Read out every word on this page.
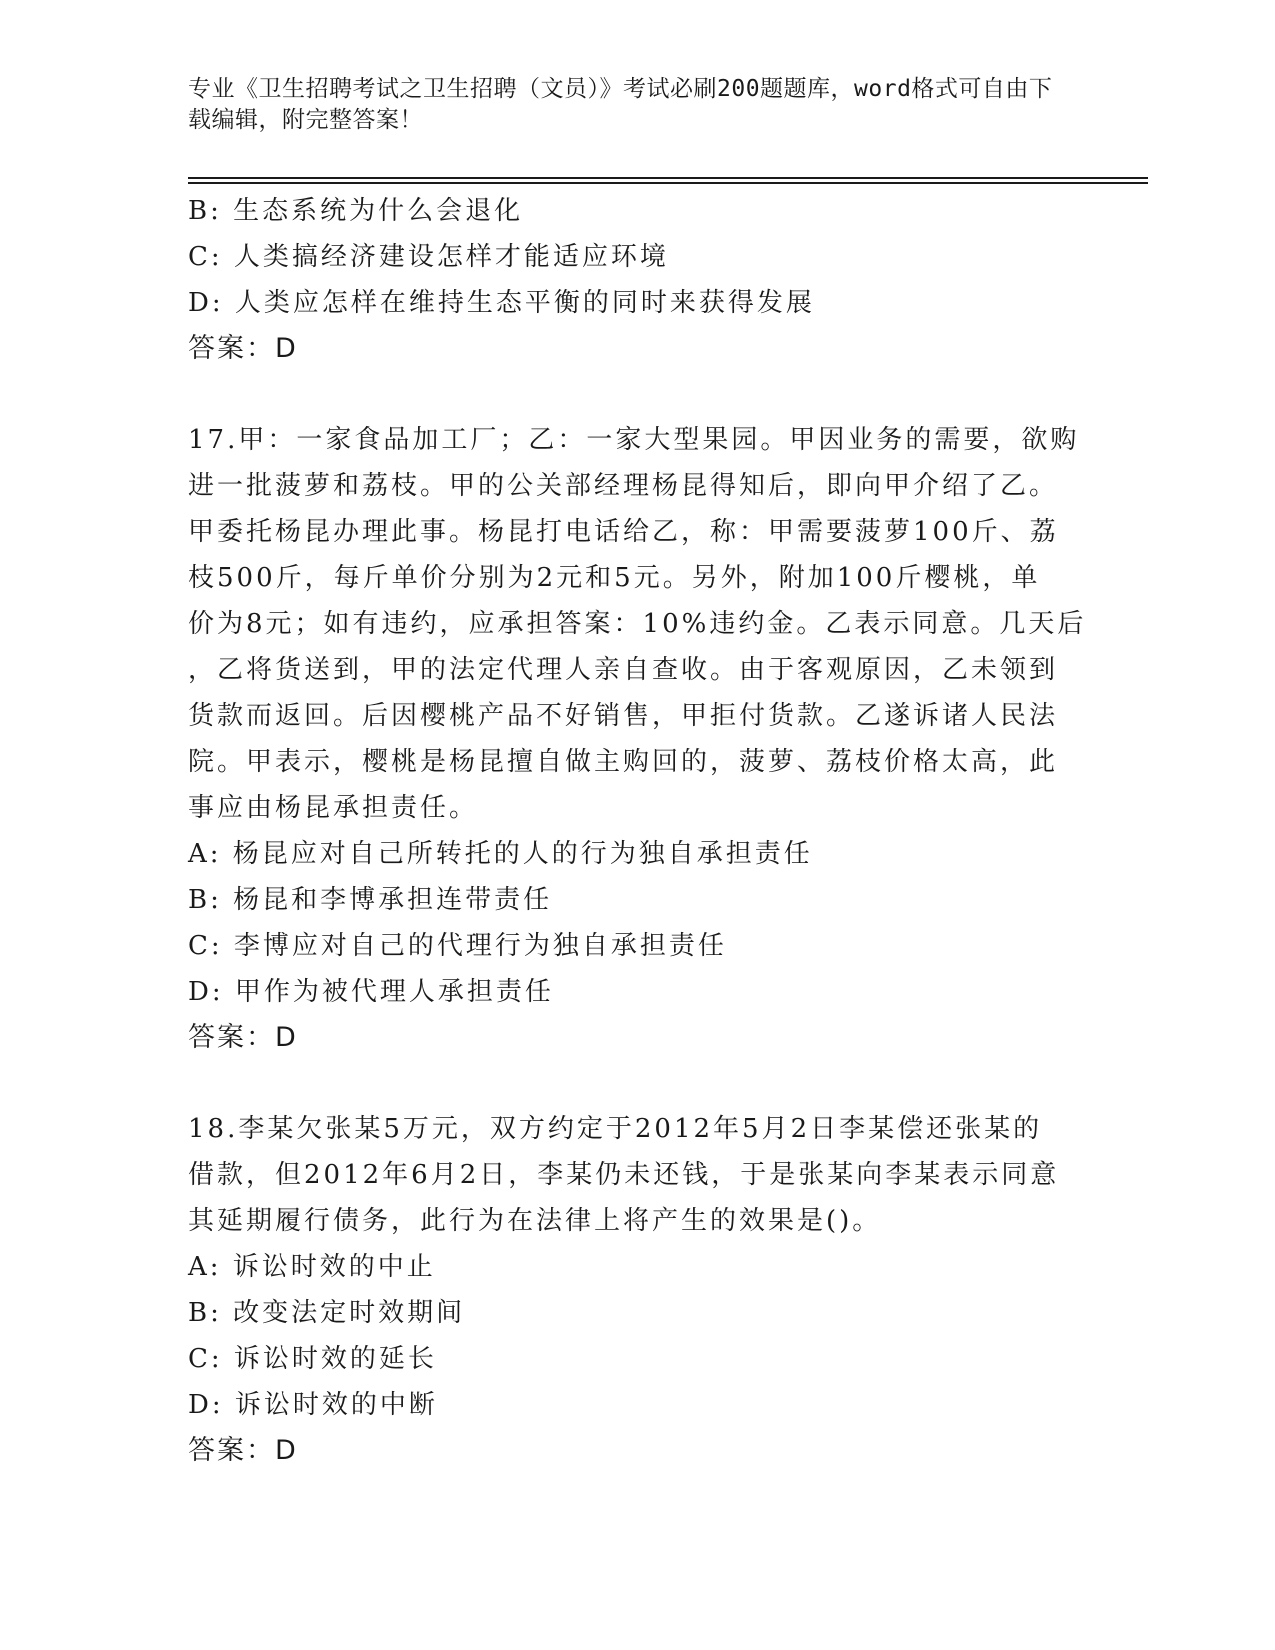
专业《卫生招聘考试之卫生招聘（文员）》考试必刷200题题库，word格式可自由下载编辑，附完整答案！
B: 生态系统为什么会退化
C: 人类搞经济建设怎样才能适应环境
D: 人类应怎样在维持生态平衡的同时来获得发展
答案：D
17.甲：一家食品加工厂；乙：一家大型果园。甲因业务的需要，欲购
进一批菠萝和荔枝。甲的公关部经理杨昆得知后，即向甲介绍了乙。
甲委托杨昆办理此事。杨昆打电话给乙，称：甲需要菠萝100斤、荔
枝500斤，每斤单价分别为2元和5元。另外，附加100斤樱桃，单
价为8元；如有违约，应承担答案：10%违约金。乙表示同意。几天后
，乙将货送到，甲的法定代理人亲自查收。由于客观原因，乙未领到
货款而返回。后因樱桃产品不好销售，甲拒付货款。乙遂诉诸人民法
院。甲表示，樱桃是杨昆擅自做主购回的，菠萝、荔枝价格太高，此
事应由杨昆承担责任。
A: 杨昆应对自己所转托的人的行为独自承担责任
B: 杨昆和李博承担连带责任
C: 李博应对自己的代理行为独自承担责任
D: 甲作为被代理人承担责任
答案：D
18.李某欠张某5万元，双方约定于2012年5月2日李某偿还张某的
借款，但2012年6月2日，李某仍未还钱，于是张某向李某表示同意
其延期履行债务，此行为在法律上将产生的效果是()。
A: 诉讼时效的中止
B: 改变法定时效期间
C: 诉讼时效的延长
D: 诉讼时效的中断
答案：D
